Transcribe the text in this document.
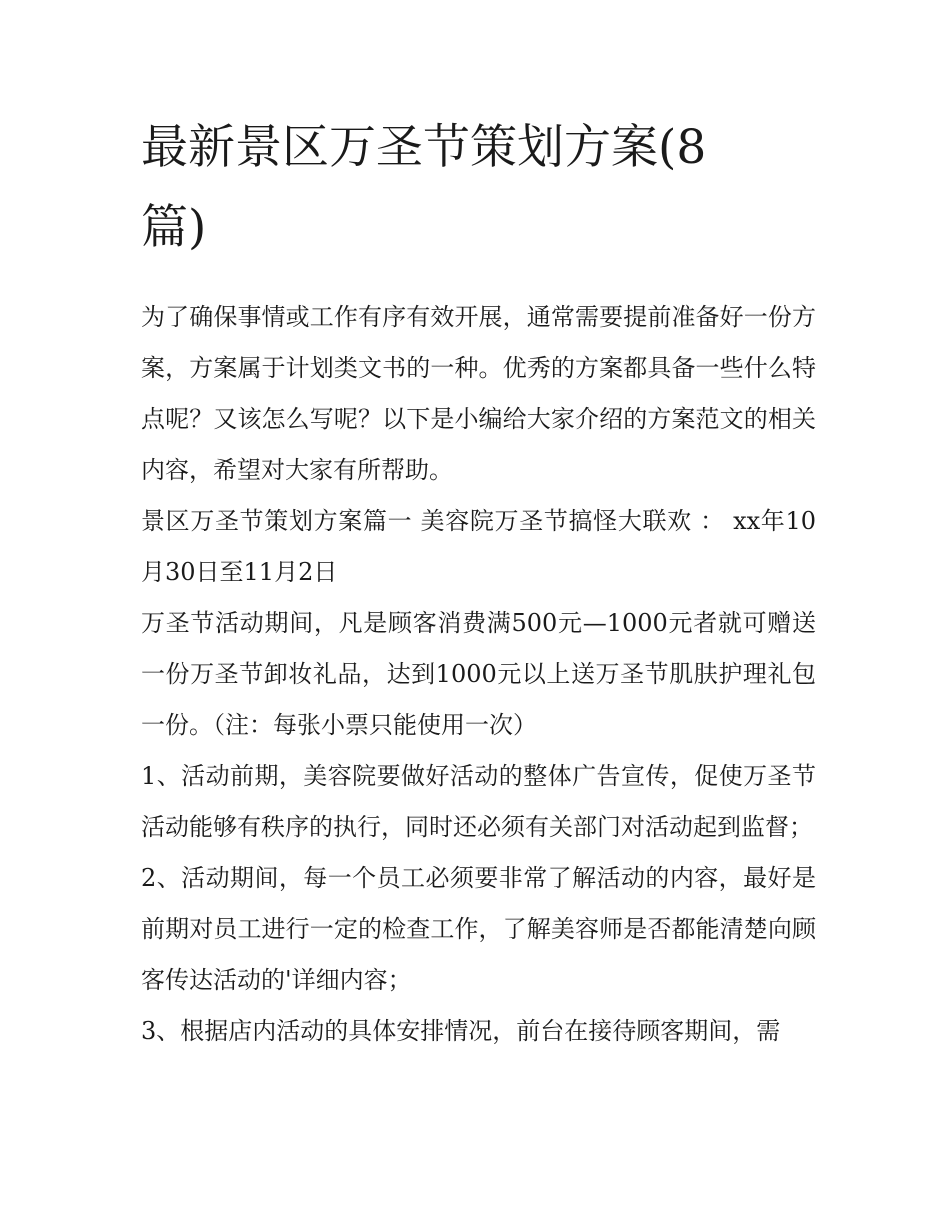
最新景区万圣节策划方案(8篇)

为了确保事情或工作有序有效开展，通常需要提前准备好一份方案，方案属于计划类文书的一种。优秀的方案都具备一些什么特点呢？又该怎么写呢？以下是小编给大家介绍的方案范文的相关内容，希望对大家有所帮助。

景区万圣节策划方案篇一 美容院万圣节搞怪大联欢 ： xx年10月30日至11月2日

万圣节活动期间，凡是顾客消费满500元—1000元者就可赠送一份万圣节卸妆礼品，达到1000元以上送万圣节肌肤护理礼包一份。（注：每张小票只能使用一次）

1、活动前期，美容院要做好活动的整体广告宣传，促使万圣节活动能够有秩序的执行，同时还必须有关部门对活动起到监督；

2、活动期间，每一个员工必须要非常了解活动的内容，最好是前期对员工进行一定的检查工作，了解美容师是否都能清楚向顾客传达活动的'详细内容；

3、根据店内活动的具体安排情况，前台在接待顾客期间，需
